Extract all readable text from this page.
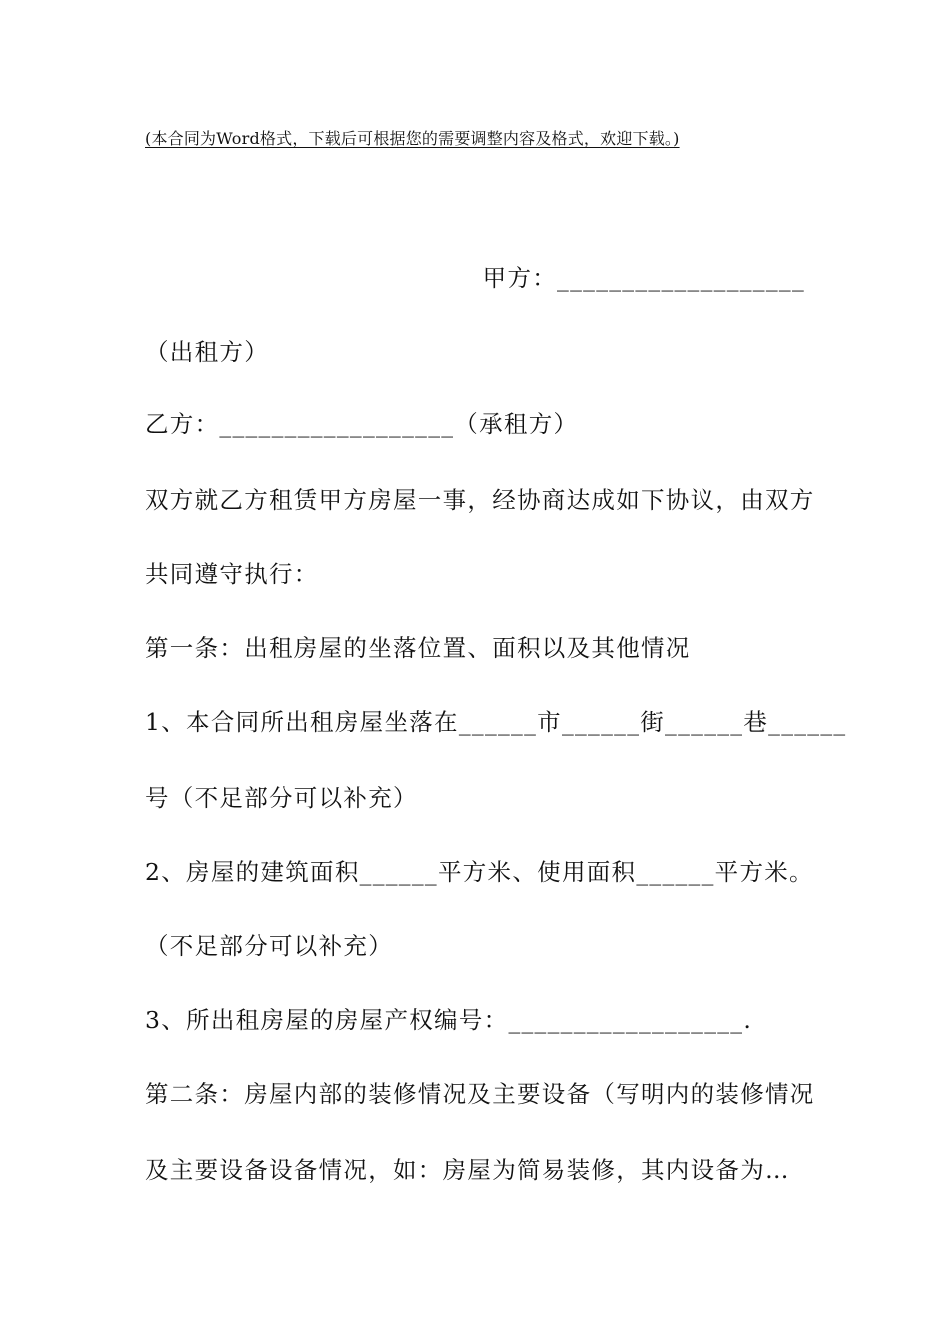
(本合同为Word格式，下载后可根据您的需要调整内容及格式，欢迎下载。)
甲方：___________________
（出租方）
乙方：__________________（承租方）
双方就乙方租赁甲方房屋一事，经协商达成如下协议，由双方
共同遵守执行：
第一条：出租房屋的坐落位置、面积以及其他情况
1、本合同所出租房屋坐落在______市______街______巷______
号（不足部分可以补充）
2、房屋的建筑面积______平方米、使用面积______平方米。
（不足部分可以补充）
3、所出租房屋的房屋产权编号：__________________.
第二条：房屋内部的装修情况及主要设备（写明内的装修情况
及主要设备设备情况，如：房屋为简易装修，其内设备为…
